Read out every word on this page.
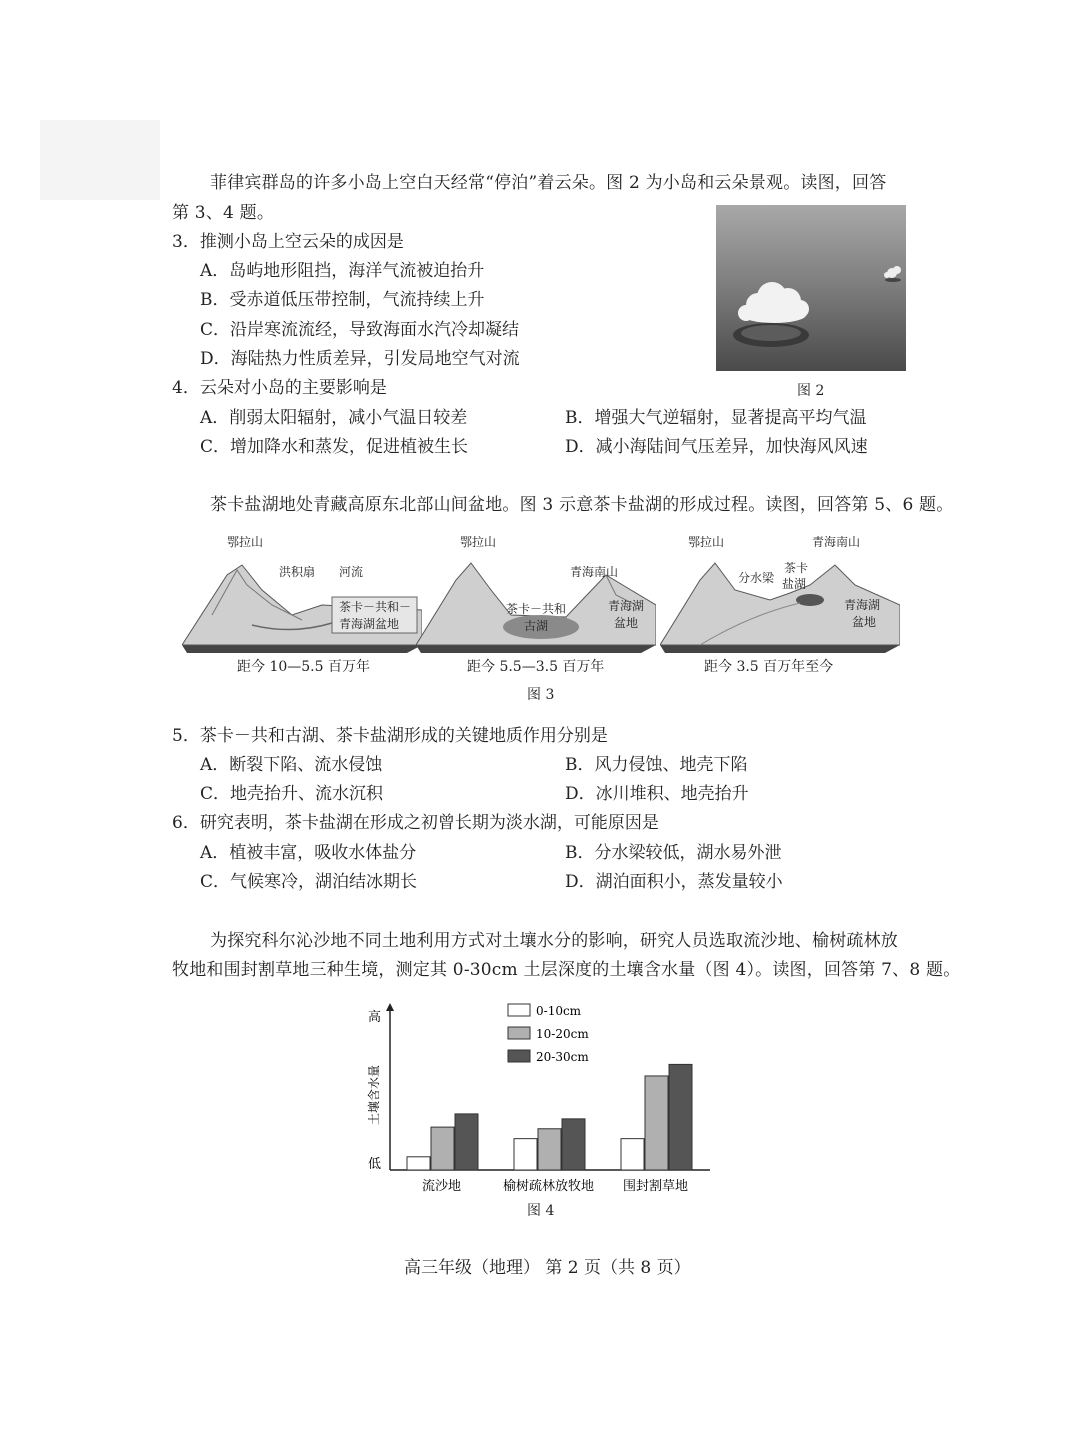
菲律宾群岛的许多小岛上空白天经常“停泊”着云朵。图 2 为小岛和云朵景观。读图，回答
第 3、4 题。
3．推测小岛上空云朵的成因是
A．岛屿地形阻挡，海洋气流被迫抬升
B．受赤道低压带控制，气流持续上升
C．沿岸寒流流经，导致海面水汽冷却凝结
D．海陆热力性质差异，引发局地空气对流
图 2
4．云朵对小岛的主要影响是
A．削弱太阳辐射，减小气温日较差	B．增强大气逆辐射，显著提高平均气温
C．增加降水和蒸发，促进植被生长	D．减小海陆间气压差异，加快海风风速
茶卡盐湖地处青藏高原东北部山间盆地。图 3 示意茶卡盐湖的形成过程。读图，回答第 5、6 题。
鄂拉山
洪积扇 河流
茶卡－共和－
青海湖盆地
鄂拉山
青海南山
茶卡－共和
古湖
青海湖
盆地
鄂拉山	青海南山
分水梁
茶卡
盐湖
青海湖
盆地
距今 10—5.5 百万年	距今 5.5—3.5 百万年	距今 3.5 百万年至今
图 3
5．茶卡－共和古湖、茶卡盐湖形成的关键地质作用分别是
A．断裂下陷、流水侵蚀	B．风力侵蚀、地壳下陷
C．地壳抬升、流水沉积	D．冰川堆积、地壳抬升
6．研究表明，茶卡盐湖在形成之初曾长期为淡水湖，可能原因是
A．植被丰富，吸收水体盐分	B．分水梁较低，湖水易外泄
C．气候寒冷，湖泊结冰期长	D．湖泊面积小，蒸发量较小
为探究科尔沁沙地不同土地利用方式对土壤水分的影响，研究人员选取流沙地、榆树疏林放
牧地和围封割草地三种生境，测定其 0-30cm 土层深度的土壤含水量（图 4）。读图，回答第 7、8 题。
高
低
土壤含水量
流沙地	榆树疏林放牧地 围封割草地
0-10cm
10-20cm
20-30cm
图 4
高三年级（地理） 第 2 页（共 8 页）
